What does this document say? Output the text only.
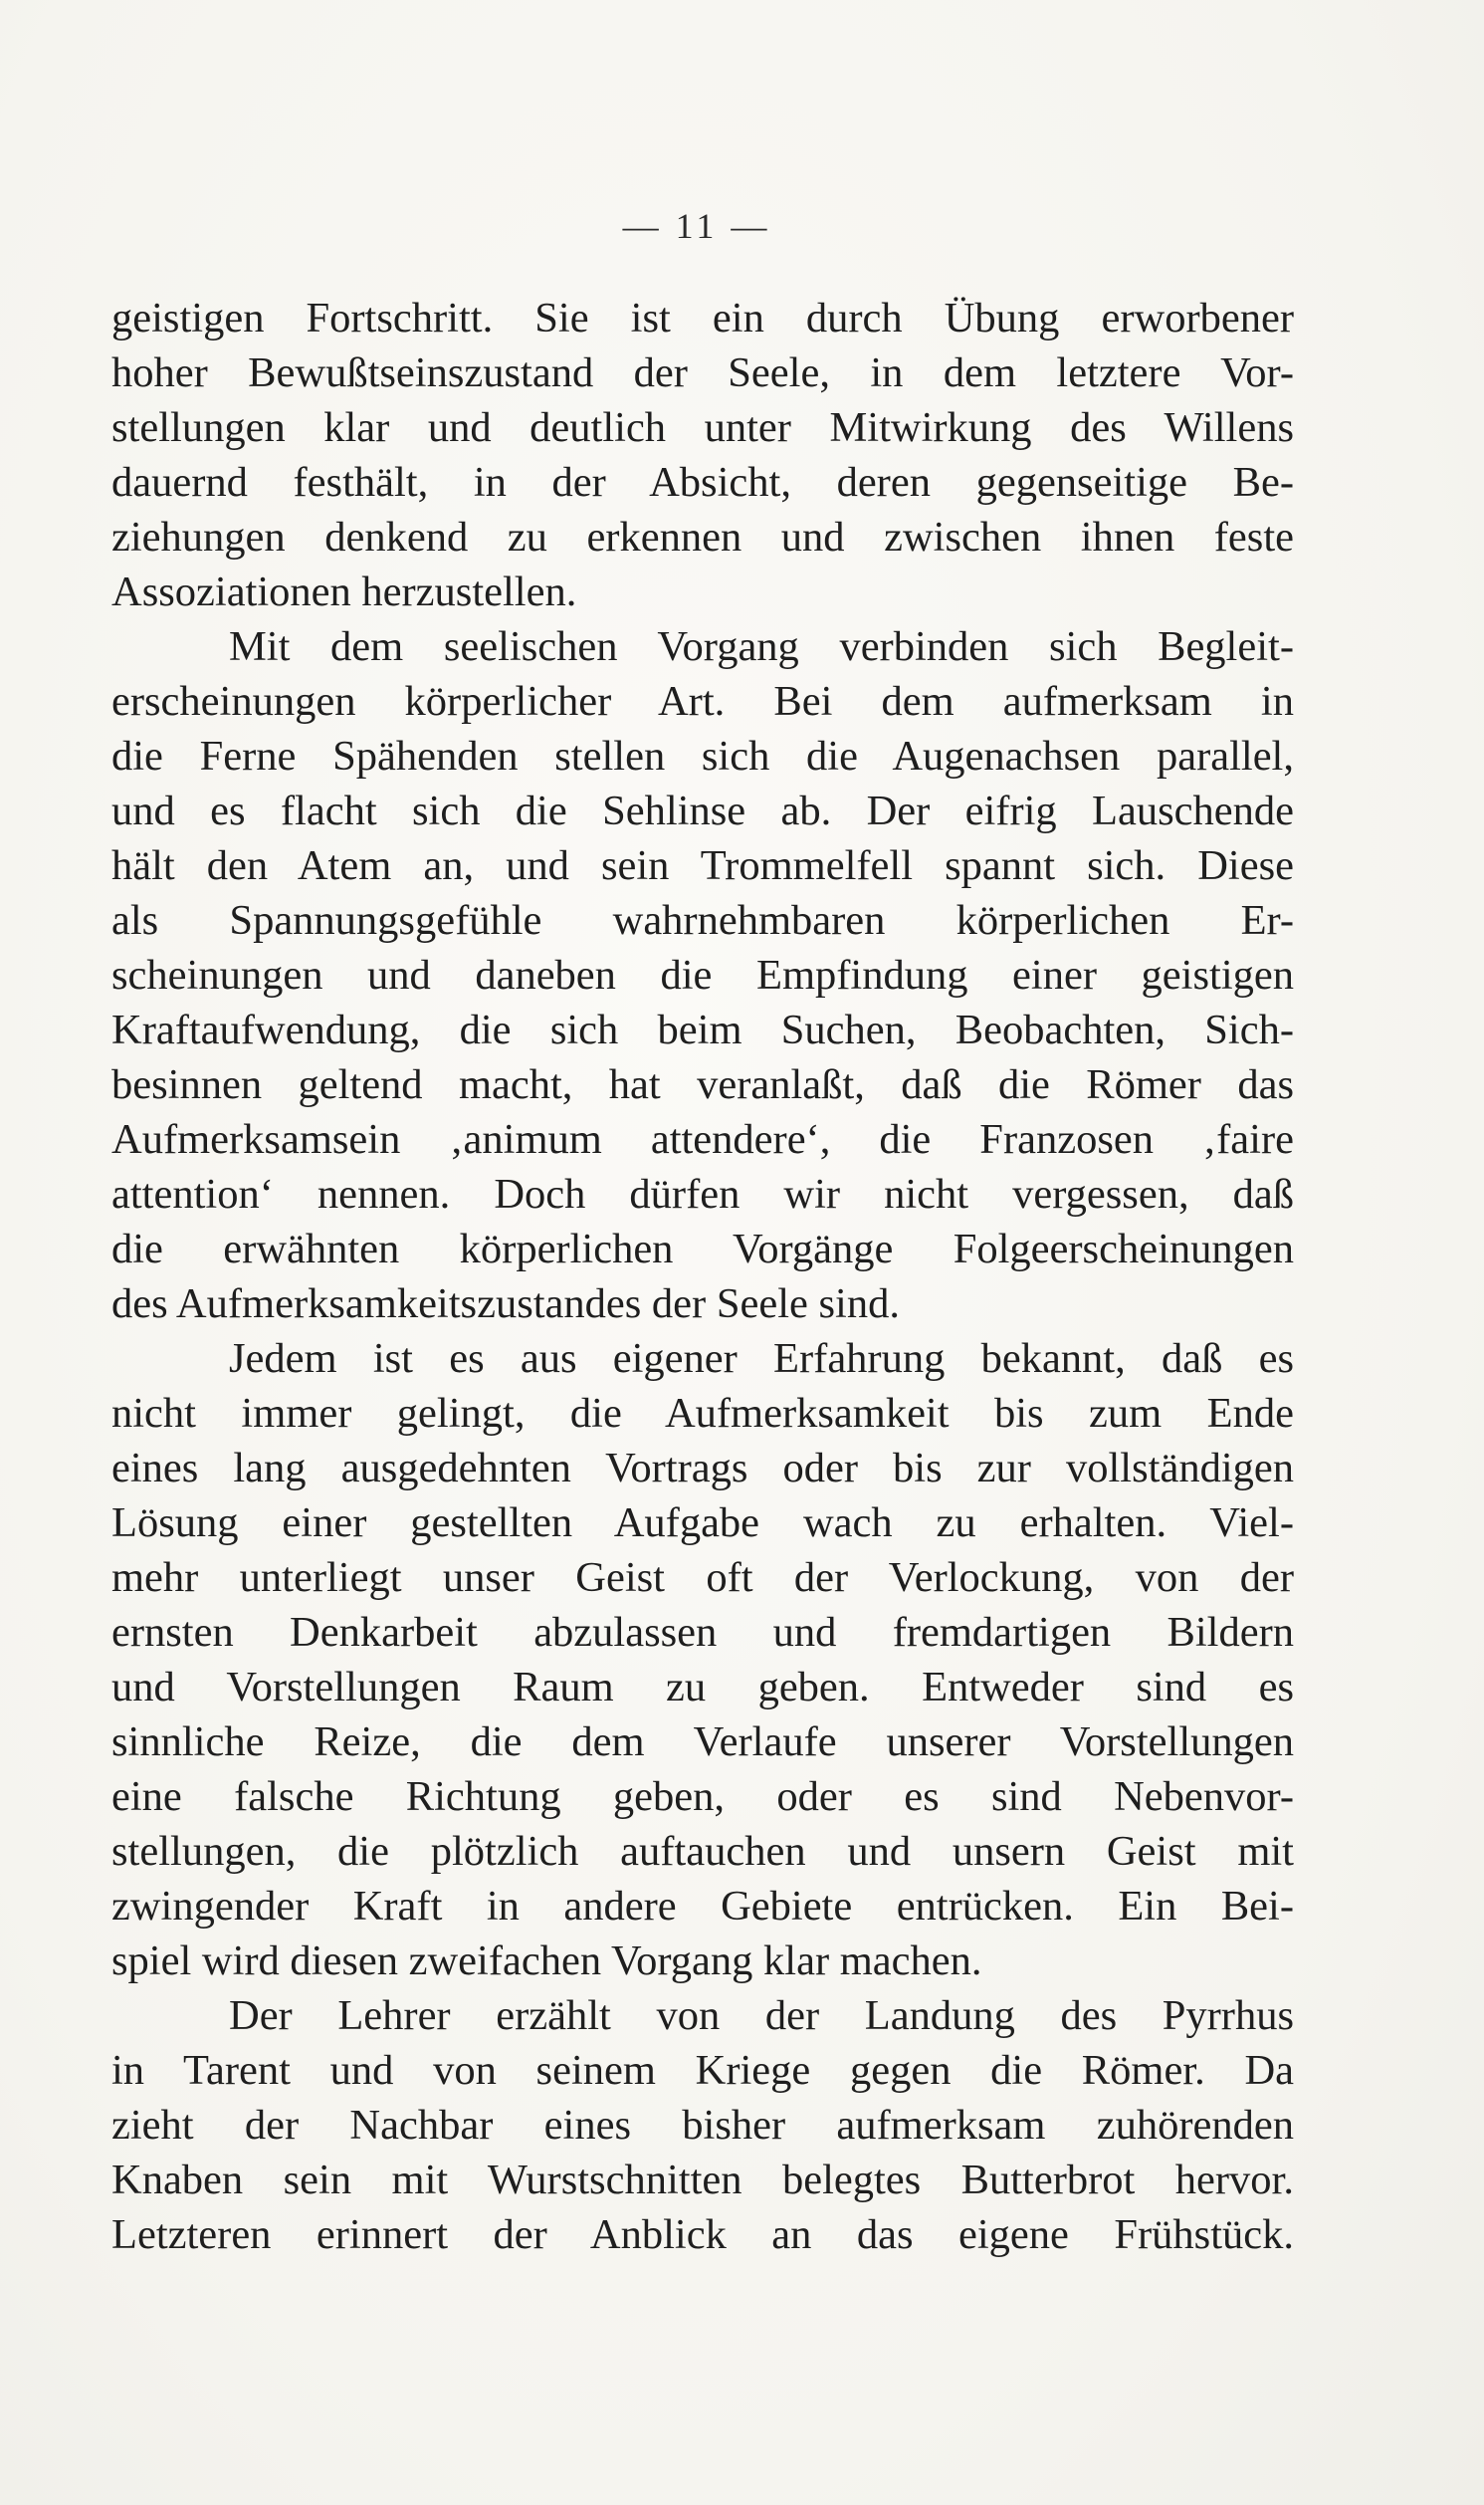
— 11 —
geistigen Fortschritt. Sie ist ein durch Übung erworbener
hoher Bewußtseinszustand der Seele, in dem letztere Vor-
stellungen klar und deutlich unter Mitwirkung des Willens
dauernd festhält, in der Absicht, deren gegenseitige Be-
ziehungen denkend zu erkennen und zwischen ihnen feste
Assoziationen herzustellen.
Mit dem seelischen Vorgang verbinden sich Begleit-
erscheinungen körperlicher Art. Bei dem aufmerksam in
die Ferne Spähenden stellen sich die Augenachsen parallel,
und es flacht sich die Sehlinse ab. Der eifrig Lauschende
hält den Atem an, und sein Trommelfell spannt sich. Diese
als Spannungsgefühle wahrnehmbaren körperlichen Er-
scheinungen und daneben die Empfindung einer geistigen
Kraftaufwendung, die sich beim Suchen, Beobachten, Sich-
besinnen geltend macht, hat veranlaßt, daß die Römer das
Aufmerksamsein ‚animum attendere‘, die Franzosen ‚faire
attention‘ nennen. Doch dürfen wir nicht vergessen, daß
die erwähnten körperlichen Vorgänge Folgeerscheinungen
des Aufmerksamkeitszustandes der Seele sind.
Jedem ist es aus eigener Erfahrung bekannt, daß es
nicht immer gelingt, die Aufmerksamkeit bis zum Ende
eines lang ausgedehnten Vortrags oder bis zur vollständigen
Lösung einer gestellten Aufgabe wach zu erhalten. Viel-
mehr unterliegt unser Geist oft der Verlockung, von der
ernsten Denkarbeit abzulassen und fremdartigen Bildern
und Vorstellungen Raum zu geben. Entweder sind es
sinnliche Reize, die dem Verlaufe unserer Vorstellungen
eine falsche Richtung geben, oder es sind Nebenvor-
stellungen, die plötzlich auftauchen und unsern Geist mit
zwingender Kraft in andere Gebiete entrücken. Ein Bei-
spiel wird diesen zweifachen Vorgang klar machen.
Der Lehrer erzählt von der Landung des Pyrrhus
in Tarent und von seinem Kriege gegen die Römer. Da
zieht der Nachbar eines bisher aufmerksam zuhörenden
Knaben sein mit Wurstschnitten belegtes Butterbrot hervor.
Letzteren erinnert der Anblick an das eigene Frühstück.
